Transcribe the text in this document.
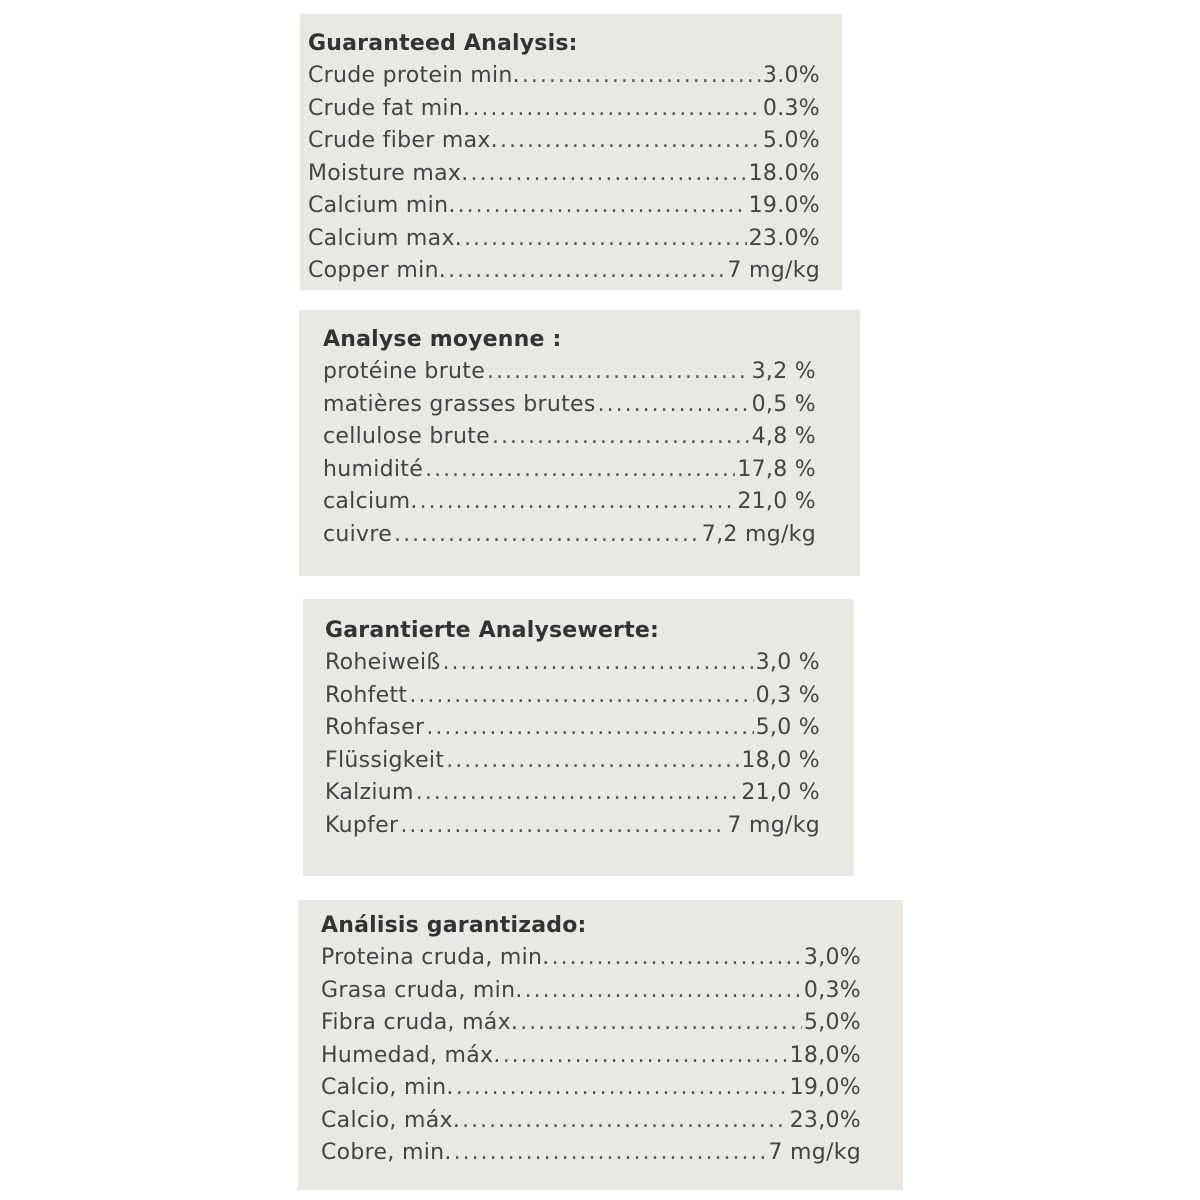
Guaranteed Analysis:
Crude protein min. .....	3.0%
Crude fat min. .....	0.3%
Crude fiber max. .....	5.0%
Moisture max. .....	18.0%
Calcium min. .....	19.0%
Calcium max. .....	23.0%
Copper min. .....	7 mg/kg
Analyse moyenne :
protéine brute .....	3,2 %
matières grasses brutes .....	0,5 %
cellulose brute .....	4,8 %
humidité .....	17,8 %
calcium. .....	21,0 %
cuivre .....	7,2 mg/kg
Garantierte Analysewerte:
Roheiweiß .....	3,0 %
Rohfett .....	0,3 %
Rohfaser .....	5,0 %
Flüssigkeit .....	18,0 %
Kalzium .....	21,0 %
Kupfer .....	7 mg/kg
Análisis garantizado:
Proteina cruda, min. .....	3,0%
Grasa cruda, min. .....	0,3%
Fibra cruda, máx. .....	5,0%
Humedad, máx. .....	18,0%
Calcio, min. .....	19,0%
Calcio, máx. .....	23,0%
Cobre, min. .....	7 mg/kg
